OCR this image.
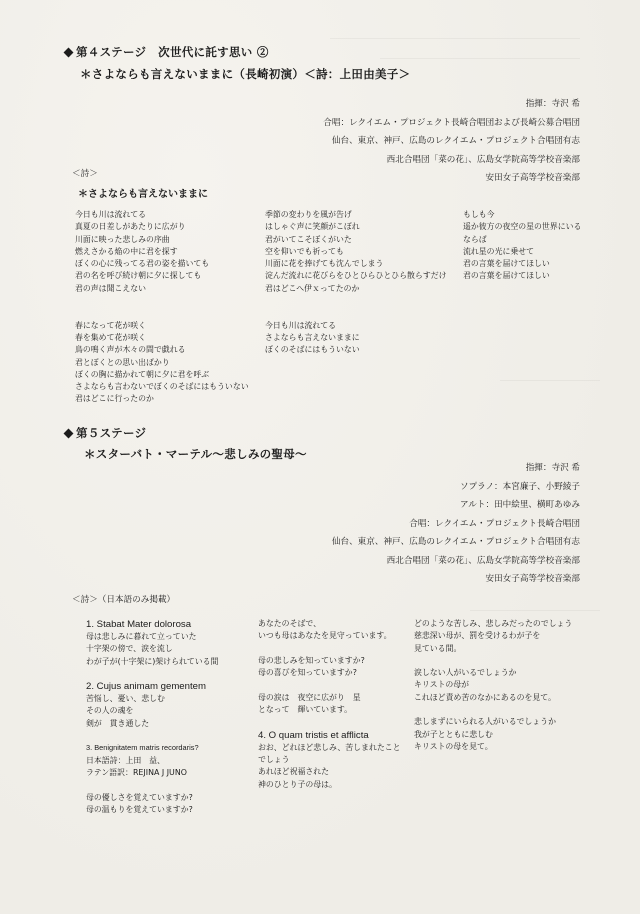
第４ステージ　次世代に託す思い ②
＊さよならも言えないままに（長崎初演）＜詩：上田由美子＞
指揮：寺沢 希
合唱：レクイエム・プロジェクト長崎合唱団および長崎公募合唱団
仙台、東京、神戸、広島のレクイエム・プロジェクト合唱団有志
西北合唱団「菜の花」、広島女学院高等学校音楽部
安田女子高等学校音楽部
＜詩＞
＊さよならも言えないままに
今日も川は流れてる
真夏の日差しがあたりに広がり
川面に映った悲しみの序曲
燃えさかる焔の中に君を探す
ぼくの心に残ってる君の姿を描いても
君の名を呼び続け朝に夕に探しても
君の声は聞こえない
春になって花が咲く
春を集めて花が咲く
鳥の鳴く声が木々の間で戯れる
君とぼくとの思い出ばかり
ぼくの胸に描かれて朝に夕に君を呼ぶ
さよならも言わないでぼくのそばにはもういない
君はどこに行ったのか
季節の変わりを風が告げ
はしゃぐ声に笑顔がこぼれ
君がいてこそぼくがいた
空を仰いでも祈っても
川面に花を捧げても沈んでしまう
淀んだ流れに花びらをひとひらひとひら散らすだけ
君はどこへ伊ｘってたのか
今日も川は流れてる
さよならも言えないままに
ぼくのそばにはもういない
もしも今
遥か彼方の夜空の星の世界にいる
ならば
流れ星の光に乗せて
君の言葉を届けてほしい
君の言葉を届けてほしい
第５ステージ
＊スターバト・マーテル〜悲しみの聖母〜
指揮：寺沢 希
ソプラノ：本宮廉子、小野綾子
アルト：田中絵里、横町あゆみ
合唱：レクイエム・プロジェクト長崎合唱団
仙台、東京、神戸、広島のレクイエム・プロジェクト合唱団有志
西北合唱団「菜の花」、広島女学院高等学校音楽部
安田女子高等学校音楽部
＜詩＞（日本語のみ掲載）
1. Stabat Mater dolorosa
母は悲しみに暮れて立っていた
十字架の傍で、涙を流し
わが子が(十字架に)架けられている間
2. Cujus animam gementem
苦悩し、憂い、悲しむ
その人の魂を
剣が　貫き通した
3. Benignitatem matris recordaris?
日本語詩：上田　益、
ラテン語訳：REJINA J JUNO
母の優しさを覚えていますか?
母の温もりを覚えていますか?
あなたのそばで、
いつも母はあなたを見守っています。
母の悲しみを知っていますか?
母の喜びを知っていますか?
母の涙は　夜空に広がり　星
となって　輝いています。
4. O quam tristis et afflicta
おお、どれほど悲しみ、苦しまれたこと
でしょう
あれほど祝福された
神のひとり子の母は。
どのような苦しみ、悲しみだったのでしょう
慈悲深い母が、罰を受けるわが子を
見ている間。
涙しない人がいるでしょうか
キリストの母が
これほど責め苦のなかにあるのを見て。
悲しまずにいられる人がいるでしょうか
我が子とともに悲しむ
キリストの母を見て。
